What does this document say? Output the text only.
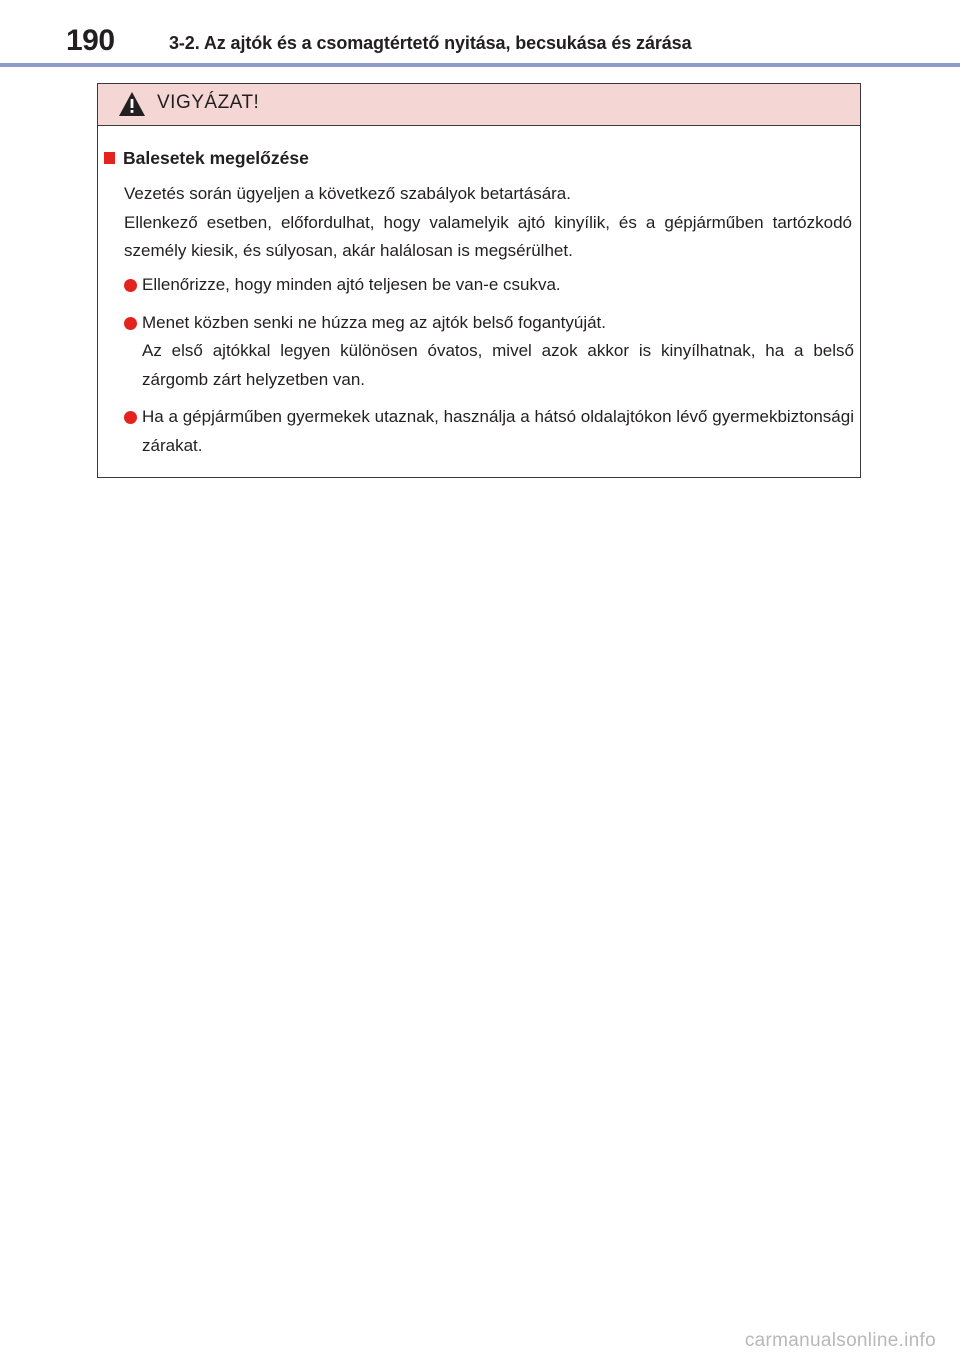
190	3-2. Az ajtók és a csomagtértető nyitása, becsukása és zárása
VIGYÁZAT!
Balesetek megelőzése

Vezetés során ügyeljen a következő szabályok betartására.

Ellenkező esetben, előfordulhat, hogy valamelyik ajtó kinyílik, és a gépjárműben tartózkodó személy kiesik, és súlyosan, akár halálosan is megsérülhet.

Ellenőrizze, hogy minden ajtó teljesen be van-e csukva.

Menet közben senki ne húzza meg az ajtók belső fogantyúját.

Az első ajtókkal legyen különösen óvatos, mivel azok akkor is kinyílhatnak, ha a belső zárgomb zárt helyzetben van.

Ha a gépjárműben gyermekek utaznak, használja a hátsó oldalajtókon lévő gyermekbiztonsági zárakat.

carmanualsonline.info
